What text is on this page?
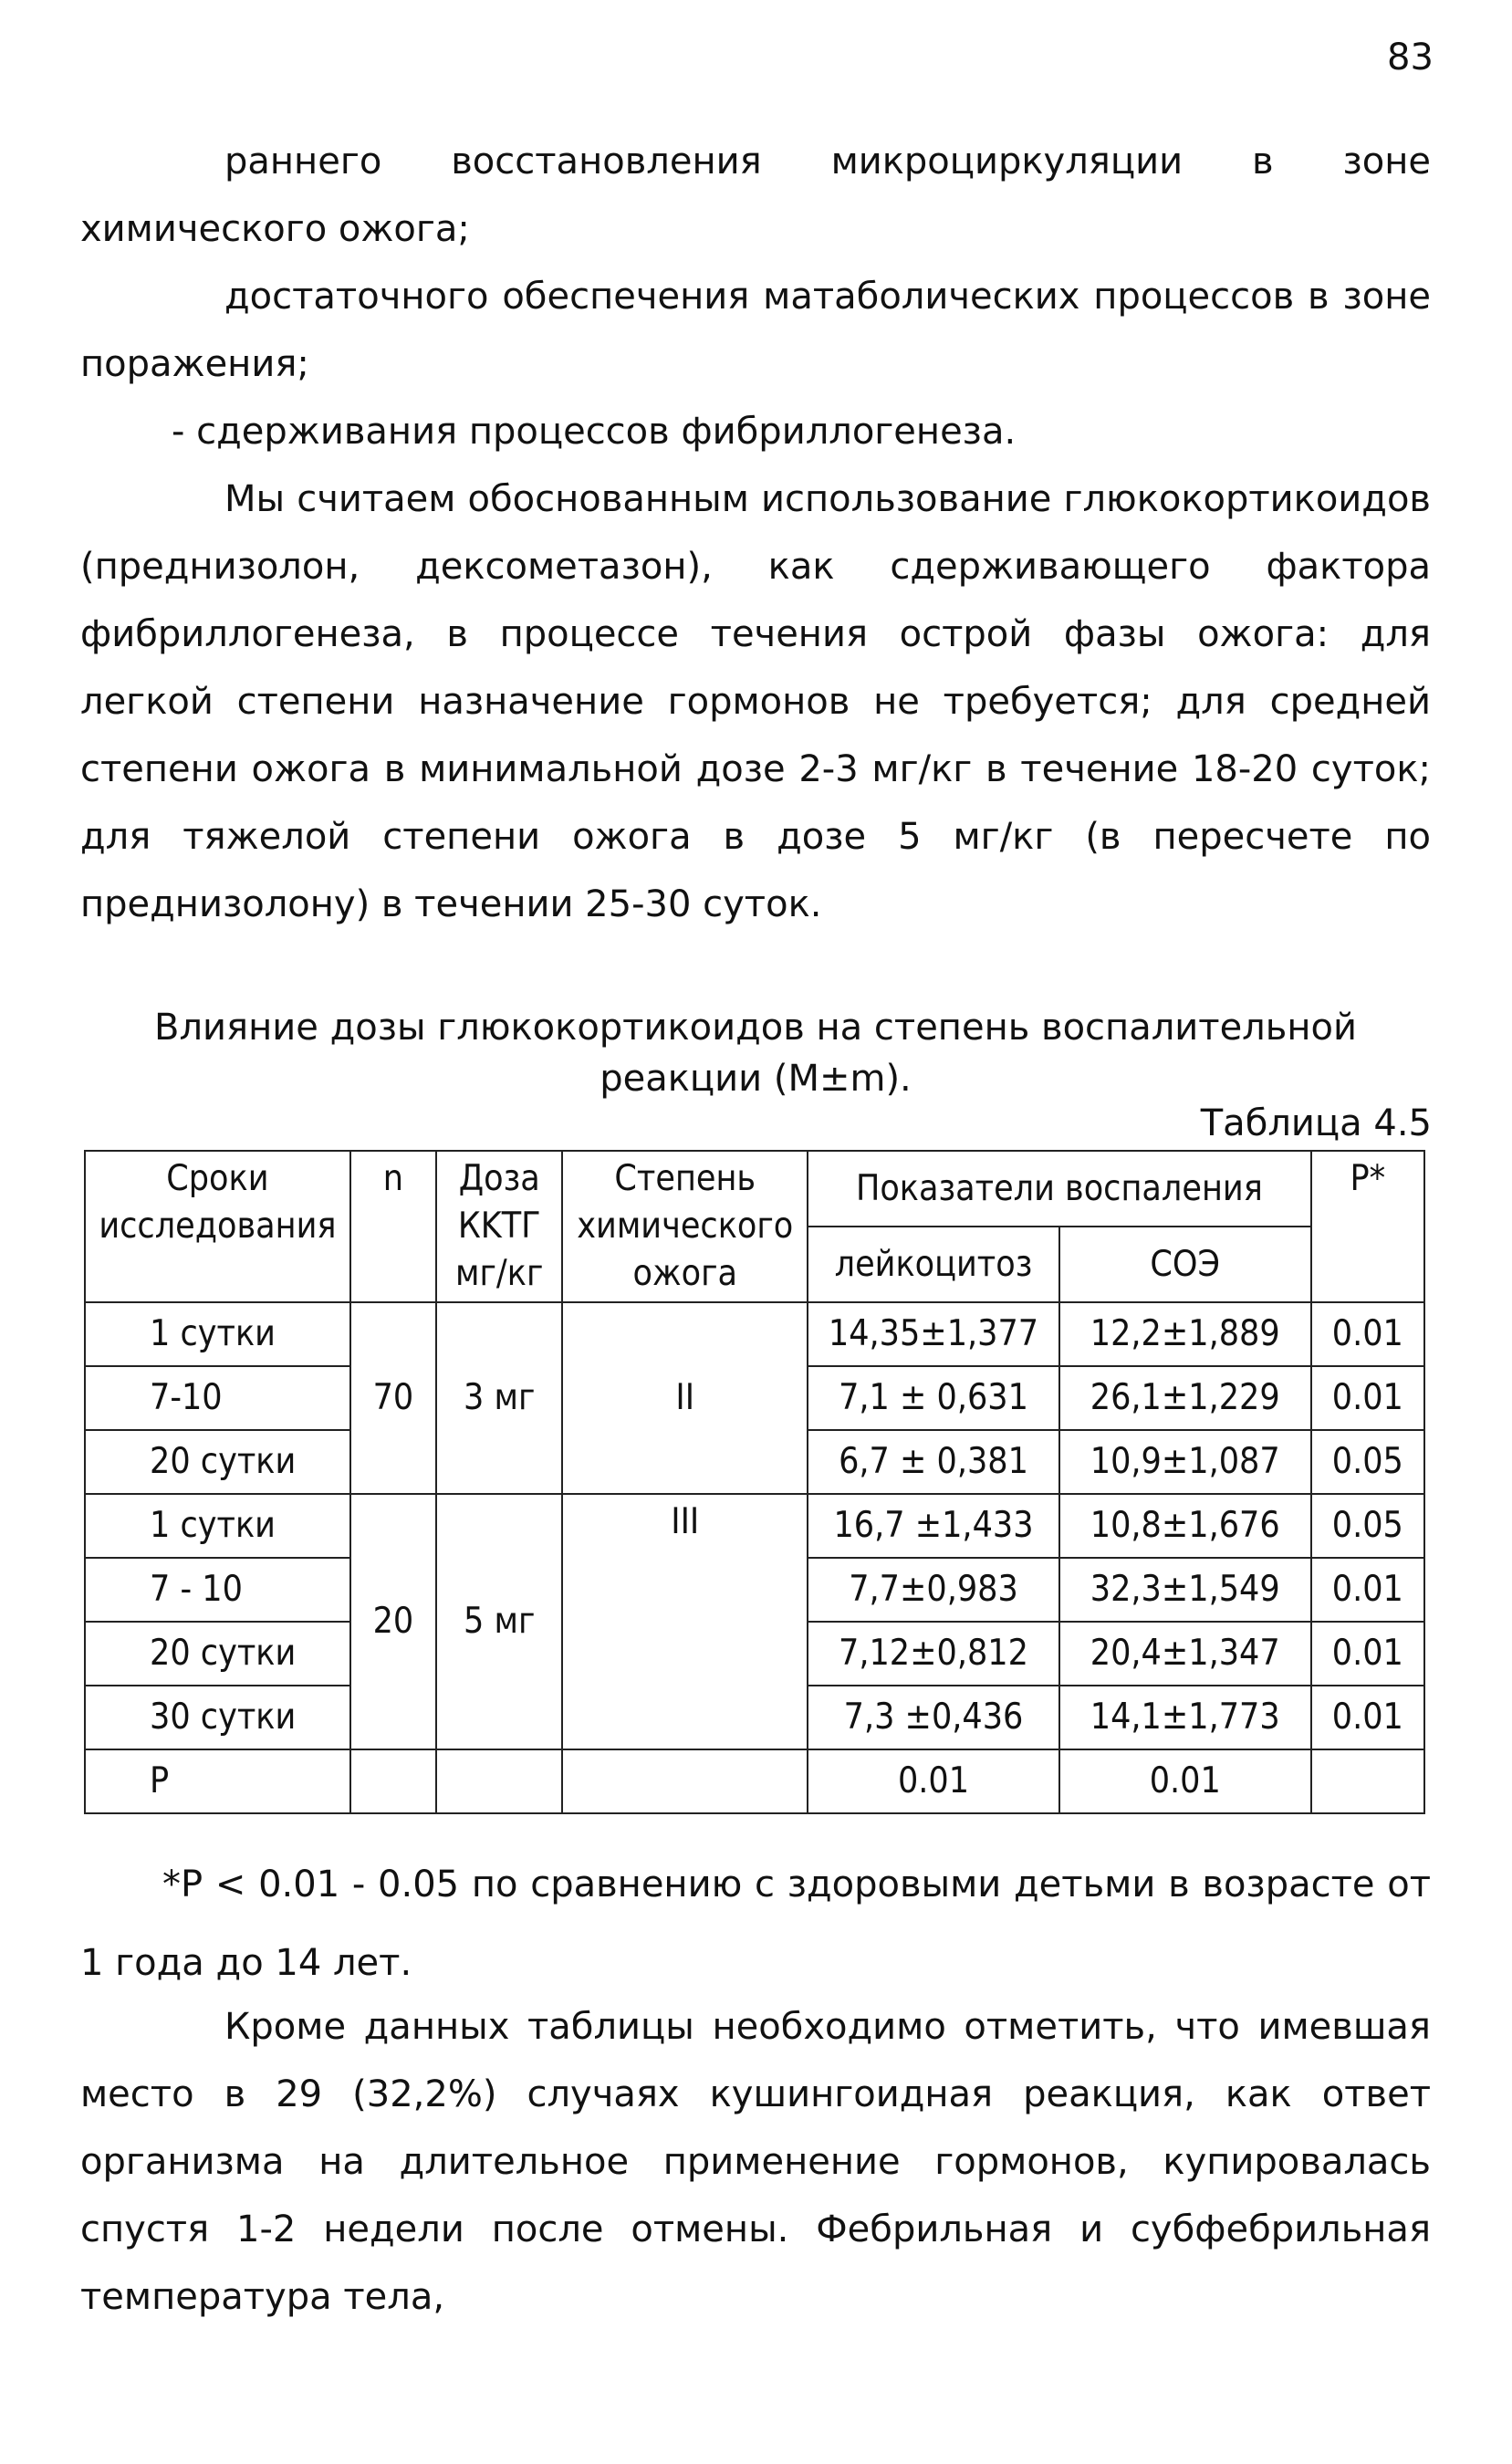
83

раннего восстановления микроциркуляции в зоне химического ожога;

достаточного обеспечения матаболических процессов в зоне поражения;

- сдерживания процессов фибриллогенеза.

Мы считаем обоснованным использование глюкокортикоидов (преднизолон, дексометазон), как сдерживающего фактора фибриллогенеза, в процессе течения острой фазы ожога: для легкой степени назначение гормонов не требуется; для средней степени ожога в минимальной дозе 2-3 мг/кг в течение 18-20 суток; для тяжелой степени ожога в дозе 5 мг/кг (в пересчете по преднизолону) в течении 25-30 суток.

Влияние дозы глюкокортикоидов на степень воспалительной реакции (M±m).
Таблица 4.5
Сроки исследования	n	Доза КKТГ мг/кг	Степень химического ожога	Показатели воспаления		P*
				лейкоцитоз	СОЭ	
1 сутки	70	3 мг	II	14,35±1,377	12,2±1,889	0.01
7-10				7,1 ± 0,631	26,1±1,229	0.01
20 сутки				6,7 ± 0,381	10,9±1,087	0.05
1 сутки	20	5 мг	III	16,7 ±1,433	10,8±1,676	0.05
7 - 10				7,7±0,983	32,3±1,549	0.01
20 сутки				7,12±0,812	20,4±1,347	0.01
30 сутки				7,3 ±0,436	14,1±1,773	0.01
P				0.01	0.01	
*P < 0.01 - 0.05 по сравнению с здоровыми детьми в возрасте от 1 года до 14 лет.

Кроме данных таблицы необходимо отметить, что имевшая место в 29 (32,2%) случаях кушингоидная реакция, как ответ организма на длительное применение гормонов, купировалась спустя 1-2 недели после отмены. Фебрильная и субфебрильная температура тела,
